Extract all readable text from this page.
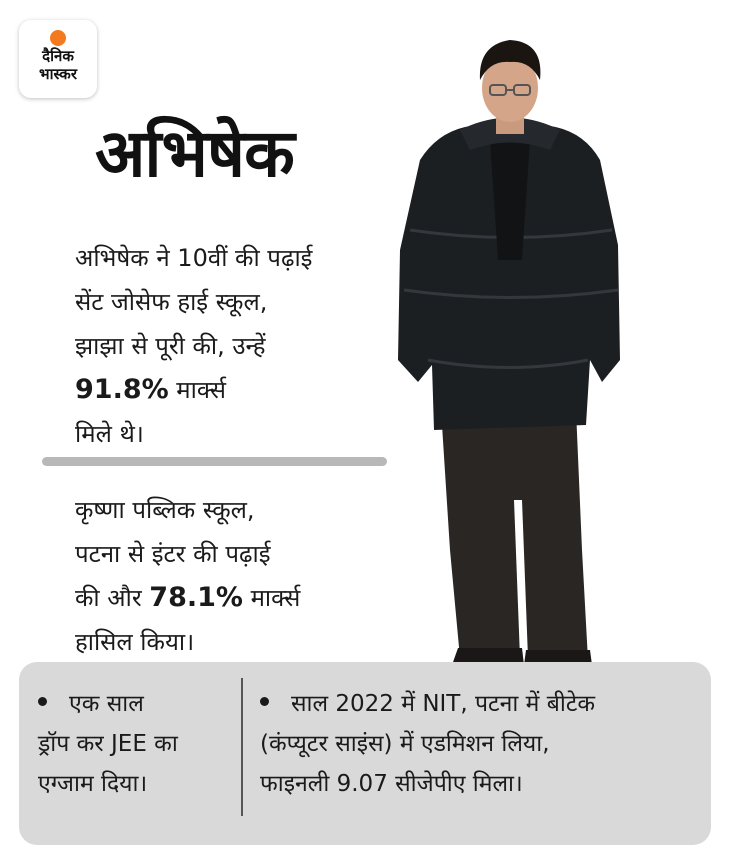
दैनिक
भास्कर
अभिषेक
अभिषेक ने 10वीं की पढ़ाई
सेंट जोसेफ हाई स्कूल,
झाझा से पूरी की, उन्हें
91.8% मार्क्स
मिले थे।
कृष्णा पब्लिक स्कूल,
पटना से इंटर की पढ़ाई
की और 78.1% मार्क्स
हासिल किया।
एक साल
ड्रॉप कर JEE का
एग्जाम दिया।
साल 2022 में NIT, पटना में बीटेक
(कंप्यूटर साइंस) में एडमिशन लिया,
फाइनली 9.07 सीजेपीए मिला।
